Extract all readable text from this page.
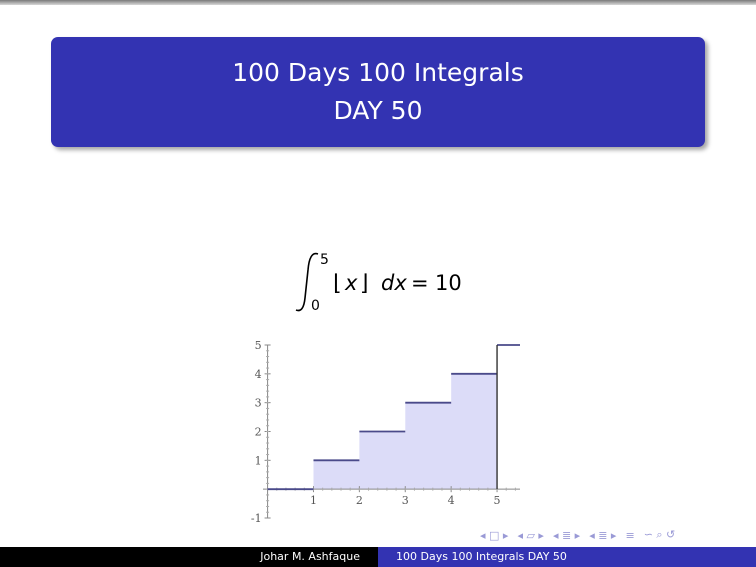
100 Days 100 Integrals
DAY 50
5
0
⌊ x ⌋ dx = 10
1	2	3	4	5
-1
1
2
3
4
5
◂ □ ▸ ◂ ▱ ▸ ◂ ≣ ▸ ◂ ≣ ▸ ≡ ∽ ⌕ ↺
Johar M. Ashfaque	100 Days 100 Integrals DAY 50
